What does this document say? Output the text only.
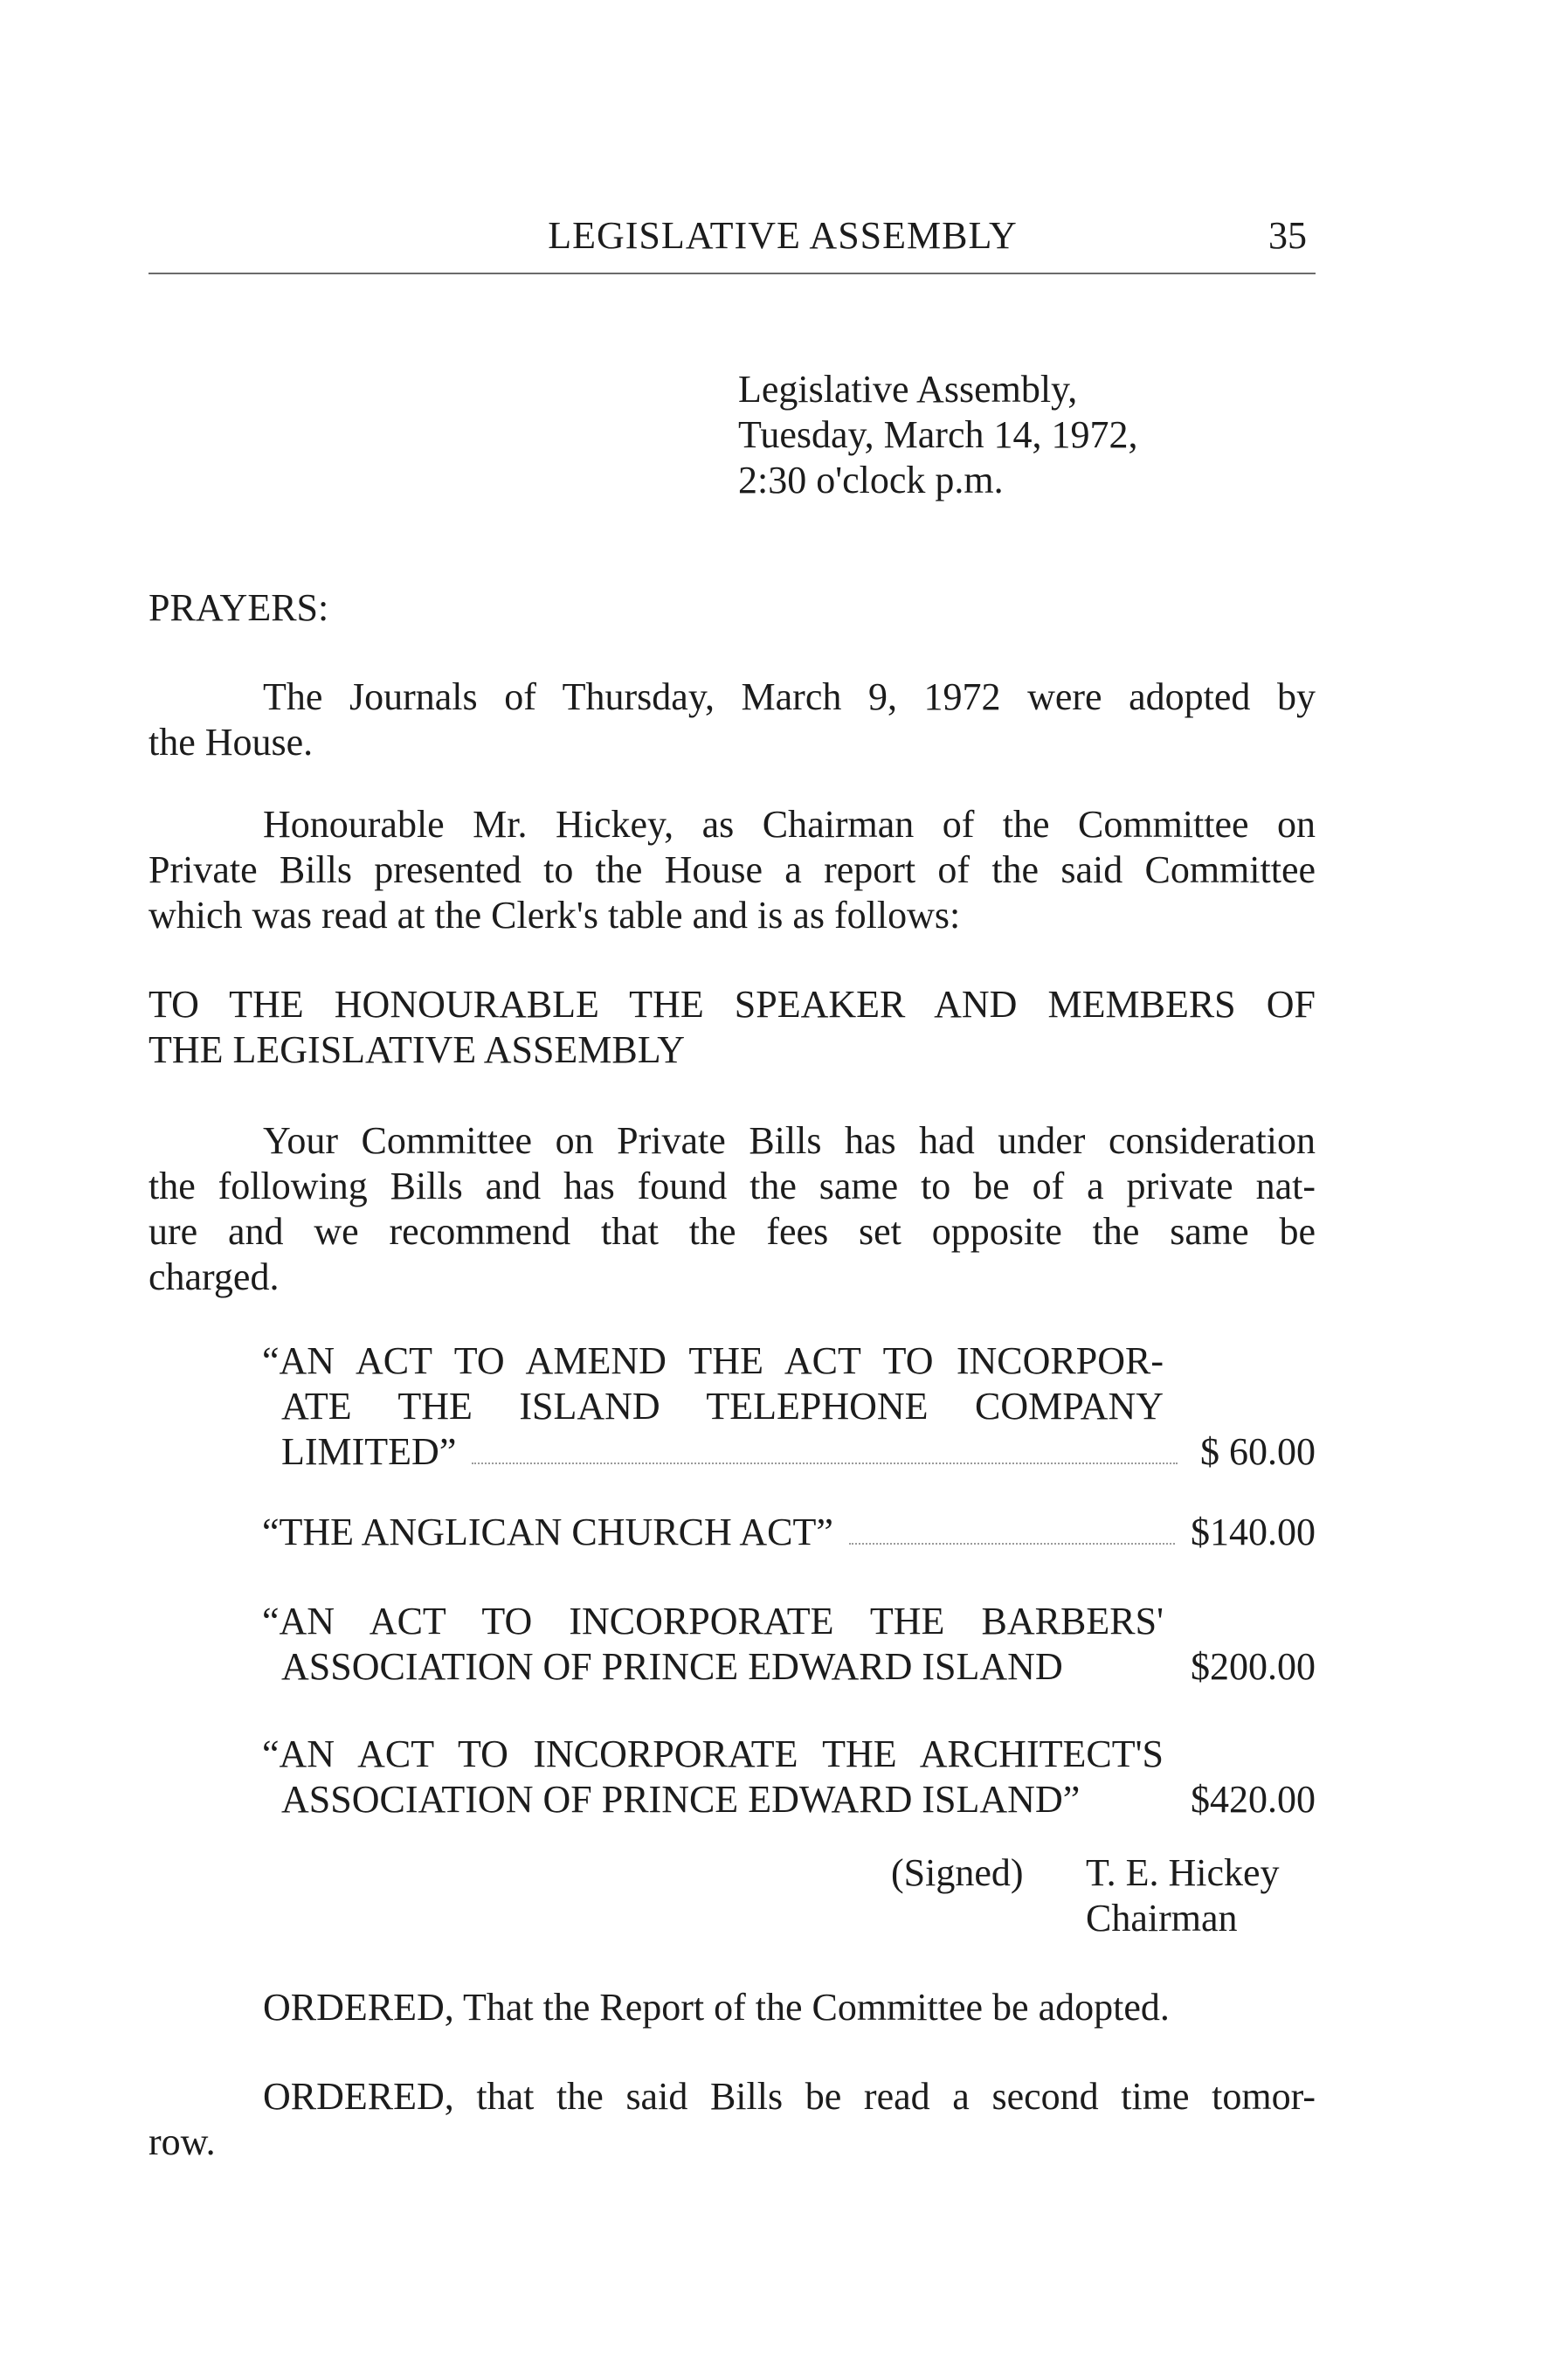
LEGISLATIVE ASSEMBLY	35
Legislative Assembly,
Tuesday, March 14, 1972,
2:30 o'clock p.m.
PRAYERS:
The Journals of Thursday, March 9, 1972 were adopted by
the House.
Honourable Mr. Hickey, as Chairman of the Committee on
Private Bills presented to the House a report of the said Committee
which was read at the Clerk's table and is as follows:
TO THE HONOURABLE THE SPEAKER AND MEMBERS OF
THE LEGISLATIVE ASSEMBLY
Your Committee on Private Bills has had under consideration
the following Bills and has found the same to be of a private nat-
ure and we recommend that the fees set opposite the same be
charged.
“AN ACT TO AMEND THE ACT TO INCORPOR-
ATE THE ISLAND TELEPHONE COMPANY
LIMITED”	$ 60.00
“THE ANGLICAN CHURCH ACT”	$140.00
“AN ACT TO INCORPORATE THE BARBERS'
ASSOCIATION OF PRINCE EDWARD ISLAND	$200.00
“AN ACT TO INCORPORATE THE ARCHITECT'S
ASSOCIATION OF PRINCE EDWARD ISLAND”	$420.00
(Signed) T. E. Hickey
Chairman
ORDERED, That the Report of the Committee be adopted.
ORDERED, that the said Bills be read a second time tomor-
row.
